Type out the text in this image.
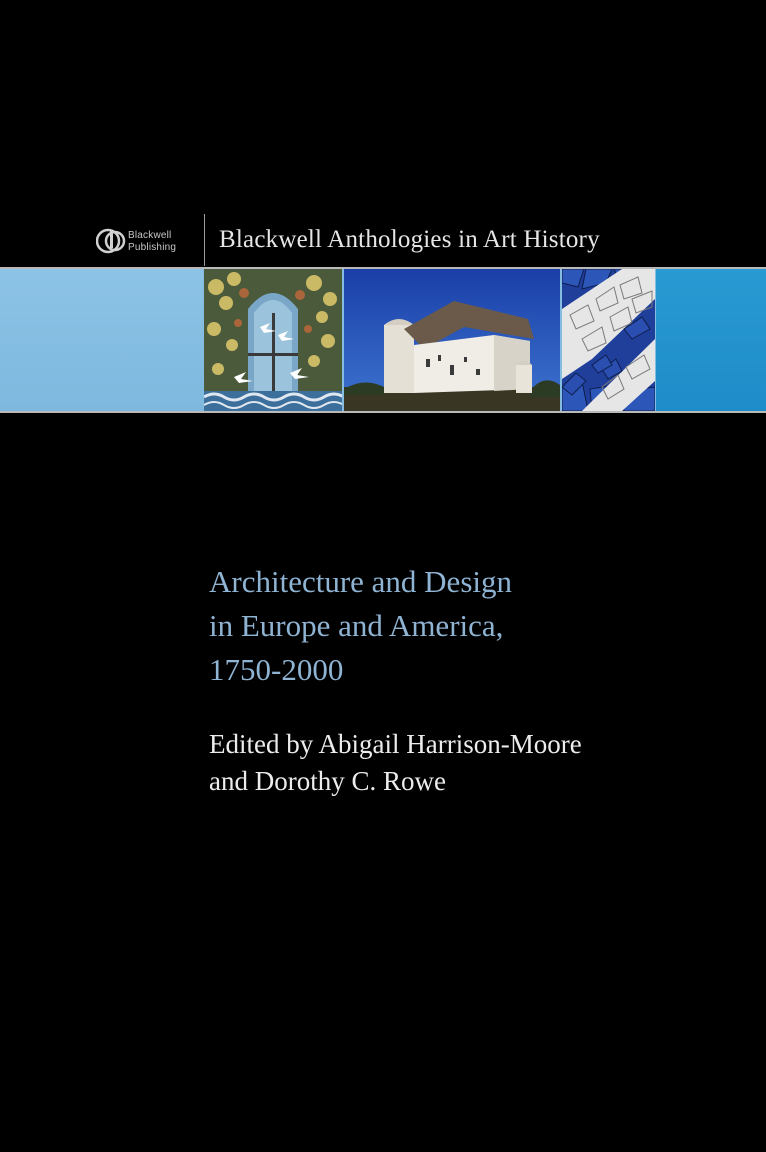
Blackwell
Publishing Blackwell Anthologies in Art History
Architecture and Design
in Europe and America,
1750-2000
Edited by Abigail Harrison-Moore
and Dorothy C. Rowe
